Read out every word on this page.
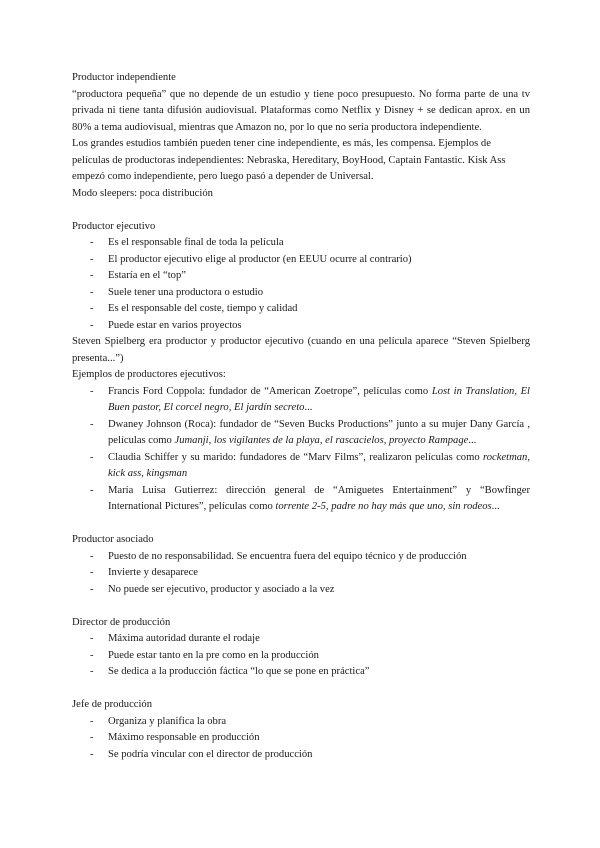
Productor independiente

“productora pequeña” que no depende de un estudio y tiene poco presupuesto. No forma parte de una tv privada ni tiene tanta difusión audiovisual. Plataformas como Netflix y Disney + se dedican aprox. en un 80% a tema audiovisual, mientras que Amazon no, por lo que no sería productora independiente.

Los grandes estudios también pueden tener cine independiente, es más, les compensa. Ejemplos de películas de productoras independientes: Nebraska, Hereditary, BoyHood, Captain Fantastic. Kisk Ass empezó como independiente, pero luego pasó a depender de Universal.

Modo sleepers: poca distribución

Productor ejecutivo

- Es el responsable final de toda la película
- El productor ejecutivo elige al productor (en EEUU ocurre al contrario)
- Estaría en el “top”
- Suele tener una productora o estudio
- Es el responsable del coste, tiempo y calidad
- Puede estar en varios proyectos

Steven Spielberg era productor y productor ejecutivo (cuando en una película aparece “Steven Spielberg presenta...”)

Ejemplos de productores ejecutivos:

- Francis Ford Coppola: fundador de “American Zoetrope”, películas como Lost in Translation, El Buen pastor, El corcel negro, El jardín secreto...
- Dwaney Johnson (Roca): fundador de “Seven Bucks Productions” junto a su mujer Dany García , películas como Jumanji, los vigilantes de la playa, el rascacielos, proyecto Rampage...
- Claudia Schiffer y su marido: fundadores de “Marv Films”, realizaron películas como rocketman, kick ass, kingsman
- María Luisa Gutierrez: dirección general de “Amiguetes Entertainment” y “Bowfinger International Pictures”, películas como torrente 2-5, padre no hay más que uno, sin rodeos...

Productor asociado

- Puesto de no responsabilidad. Se encuentra fuera del equipo técnico y de producción
- Invierte y desaparece
- No puede ser ejecutivo, productor y asociado a la vez

Director de producción

- Máxima autoridad durante el rodaje
- Puede estar tanto en la pre como en la producción
- Se dedica a la producción fáctica “lo que se pone en práctica”

Jefe de producción

- Organiza y planifica la obra
- Máximo responsable en producción
- Se podría vincular con el director de producción
